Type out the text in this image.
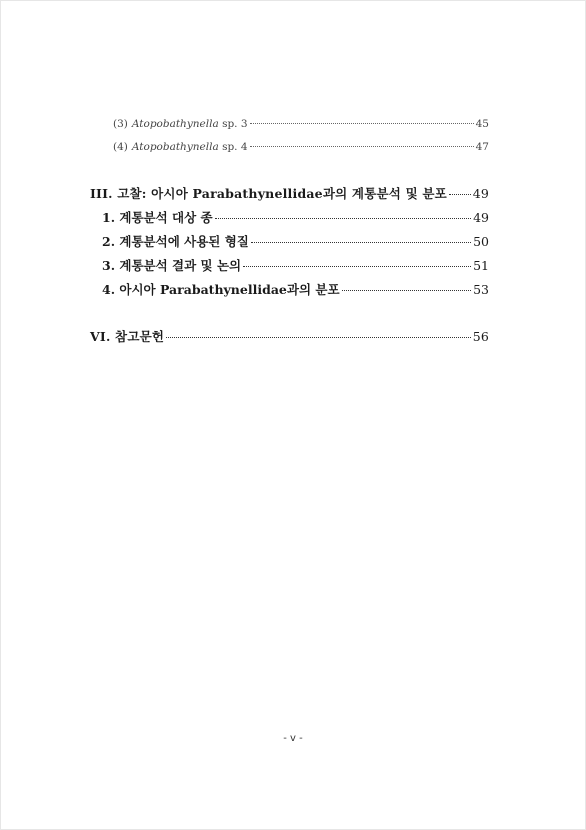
(3) Atopobathynella sp. 3	45
(4) Atopobathynella sp. 4	47
III. 고찰: 아시아 Parabathynellidae과의 계통분석 및 분포 49
1. 계통분석 대상 종	49
2. 계통분석에 사용된 형질	50
3. 계통분석 결과 및 논의	51
4. 아시아 Parabathynellidae과의 분포	53
VI. 참고문헌	56
- v -
